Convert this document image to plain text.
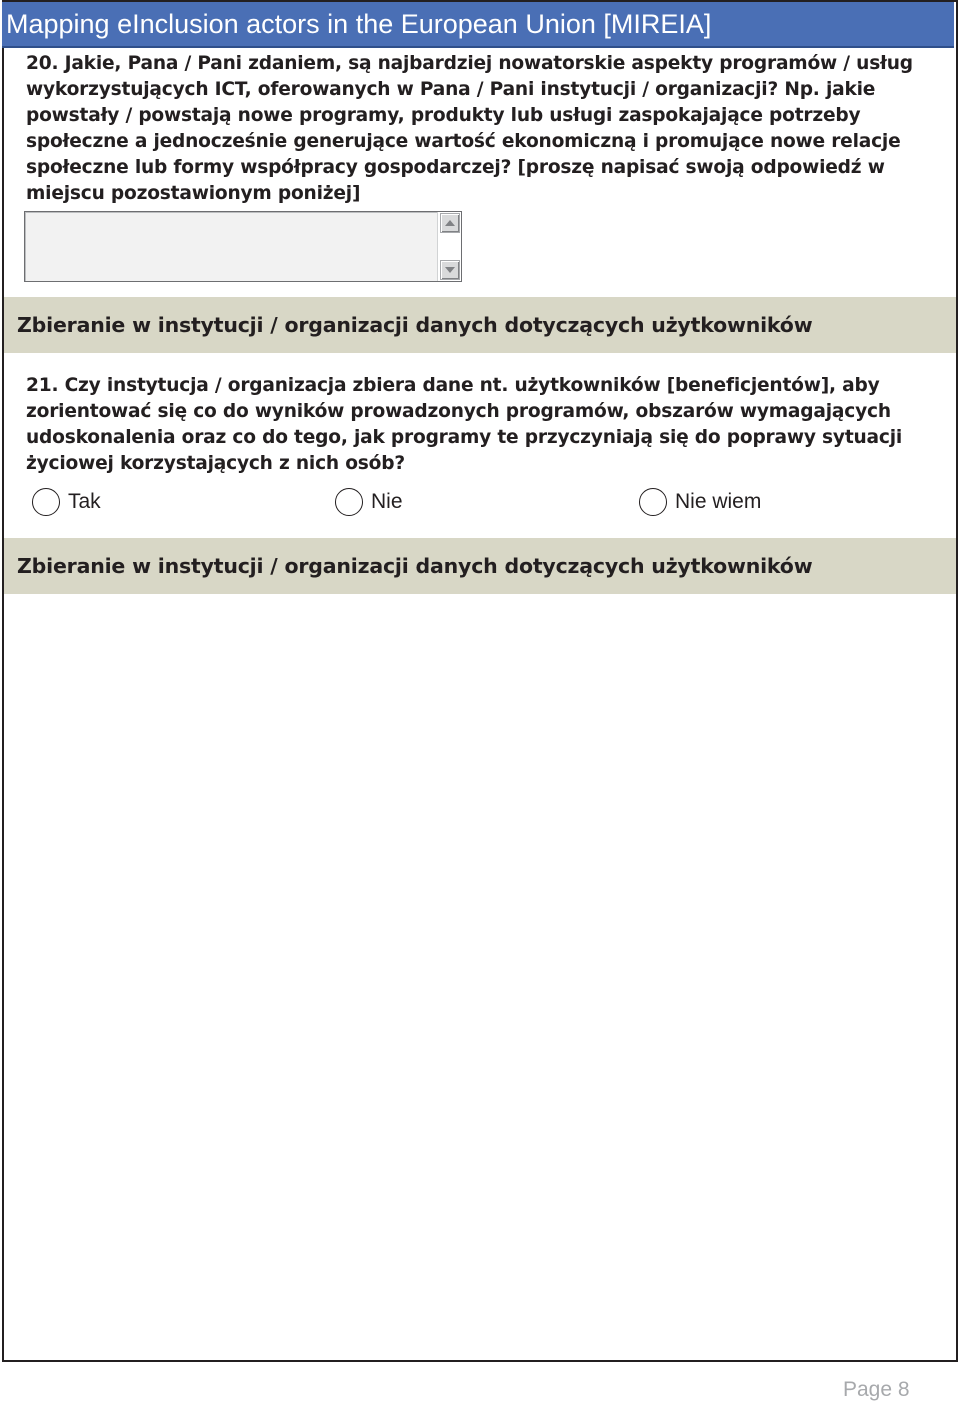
Mapping eInclusion actors in the European Union [MIREIA]
20. Jakie, Pana / Pani zdaniem, są najbardziej nowatorskie aspekty programów / usług wykorzystujących ICT, oferowanych w Pana / Pani instytucji / organizacji? Np. jakie powstały / powstają nowe programy, produkty lub usługi zaspokajające potrzeby społeczne a jednocześnie generujące wartość ekonomiczną i promujące nowe relacje społeczne lub formy współpracy gospodarczej? [proszę napisać swoją odpowiedź w miejscu pozostawionym poniżej]
Zbieranie w instytucji / organizacji danych dotyczących użytkowników
21. Czy instytucja / organizacja zbiera dane nt. użytkowników [beneficjentów], aby zorientować się co do wyników prowadzonych programów, obszarów wymagających udoskonalenia oraz co do tego, jak programy te przyczyniają się do poprawy sytuacji życiowej korzystających z nich osób?
Tak	Nie	Nie wiem
Zbieranie w instytucji / organizacji danych dotyczących użytkowników
Page 8
